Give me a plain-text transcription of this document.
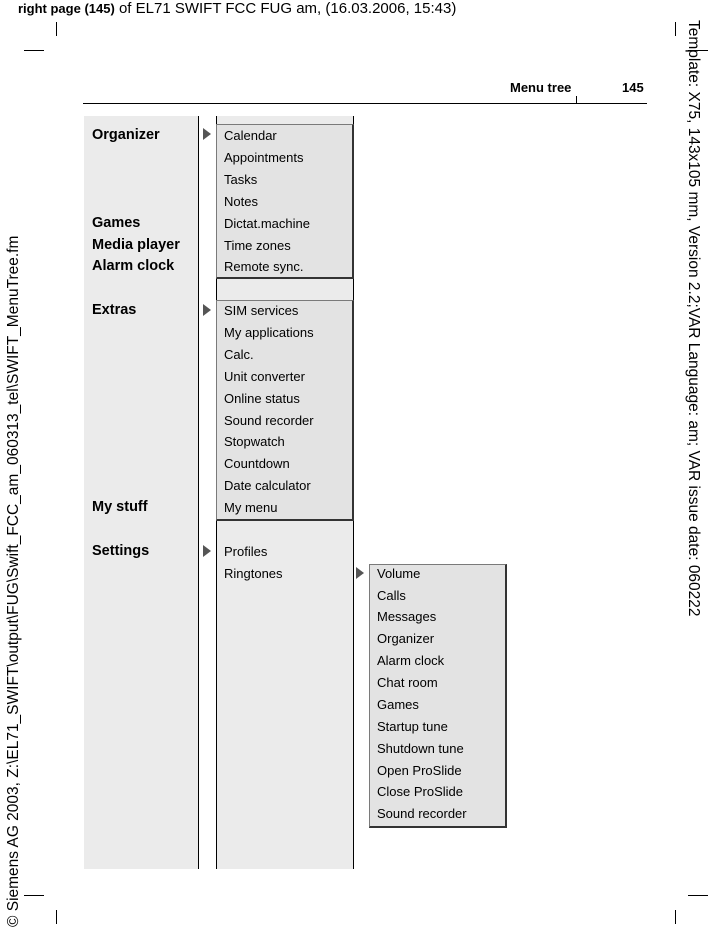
right page (145) of EL71 SWIFT FCC FUG am, (16.03.2006, 15:43)
Template: X75, 143x105 mm, Version 2.2;VAR Language: am; VAR issue date: 060222
© Siemens AG 2003, Z:\EL71_SWIFT\output\FUG\Swift_FCC_am_060313_tel\SWIFT_MenuTree.fm
Menu tree	145
Organizer
Games
Media player
Alarm clock
Extras
My stuff
Settings
Calendar
Appointments
Tasks
Notes
Dictat.machine
Time zones
Remote sync.
SIM services
My applications
Calc.
Unit converter
Online status
Sound recorder
Stopwatch
Countdown
Date calculator
My menu
Profiles
Ringtones	Volume
Calls
Messages
Organizer
Alarm clock
Chat room
Games
Startup tune
Shutdown tune
Open ProSlide
Close ProSlide
Sound recorder
